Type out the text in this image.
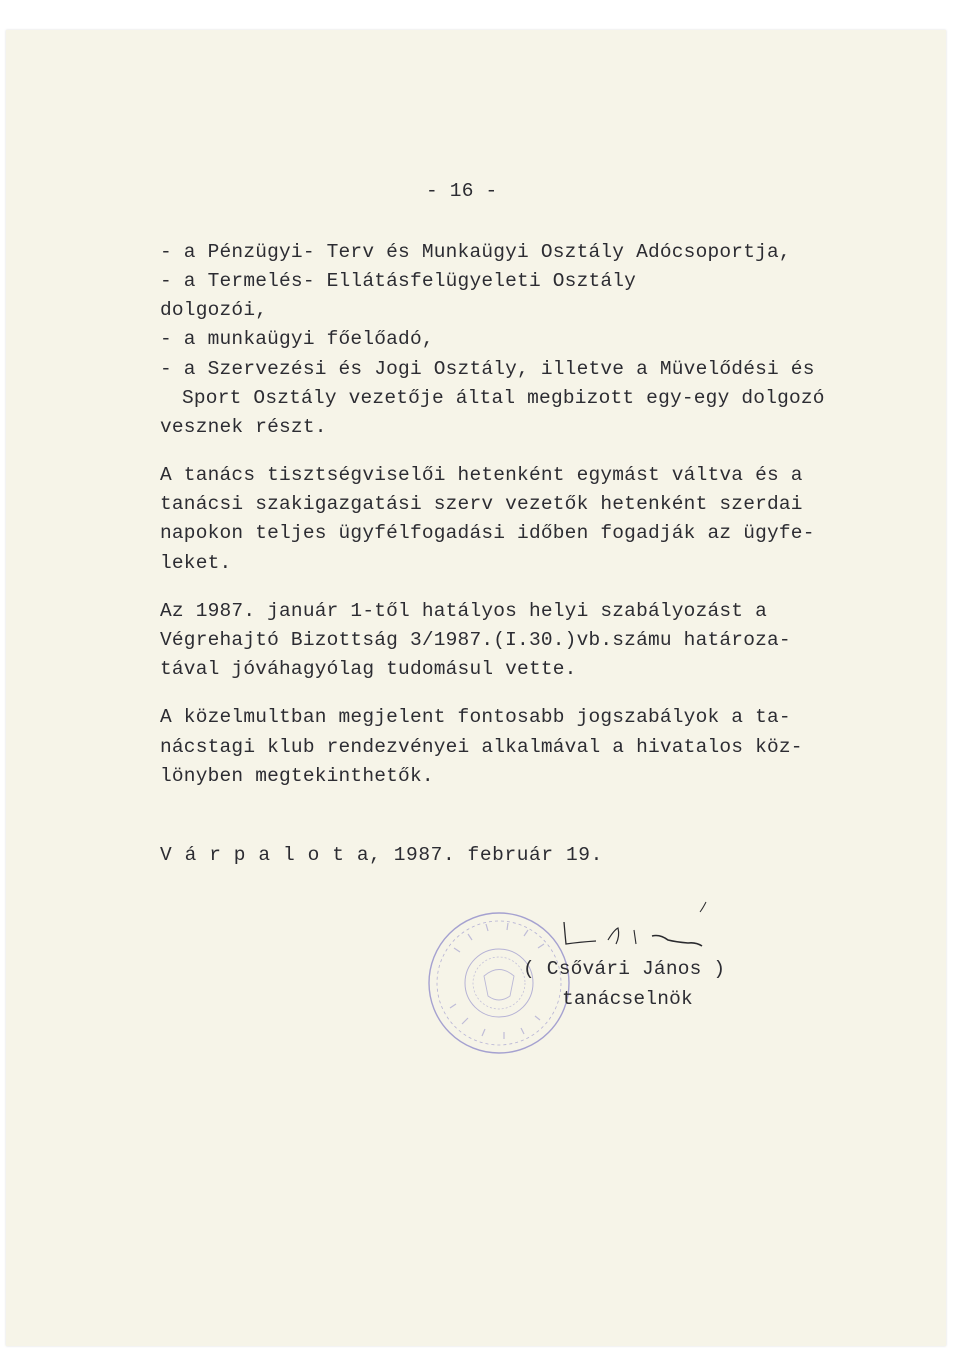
- 16 -
- a Pénzügyi- Terv és Munkaügyi Osztály Adócsoportja,
- a Termelés- Ellátásfelügyeleti Osztály
dolgozói,
- a munkaügyi főelőadó,
- a Szervezési és Jogi Osztály, illetve a Müvelődési és
Sport Osztály vezetője által megbizott egy-egy dolgozó
vesznek részt.
A tanács tisztségviselői hetenként egymást váltva és a
tanácsi szakigazgatási szerv vezetők hetenként szerdai
napokon teljes ügyfélfogadási időben fogadják az ügyfe-
leket.
Az 1987. január 1-től hatályos helyi szabályozást a
Végrehajtó Bizottság 3/1987.(I.30.)vb.számu határoza-
tával jóváhagyólag tudomásul vette.
A közelmultban megjelent fontosabb jogszabályok a ta-
nácstagi klub rendezvényei alkalmával a hivatalos köz-
lönyben megtekinthetők.
V á r p a l o t a, 1987. február 19.
( Csővári János )
tanácselnök
